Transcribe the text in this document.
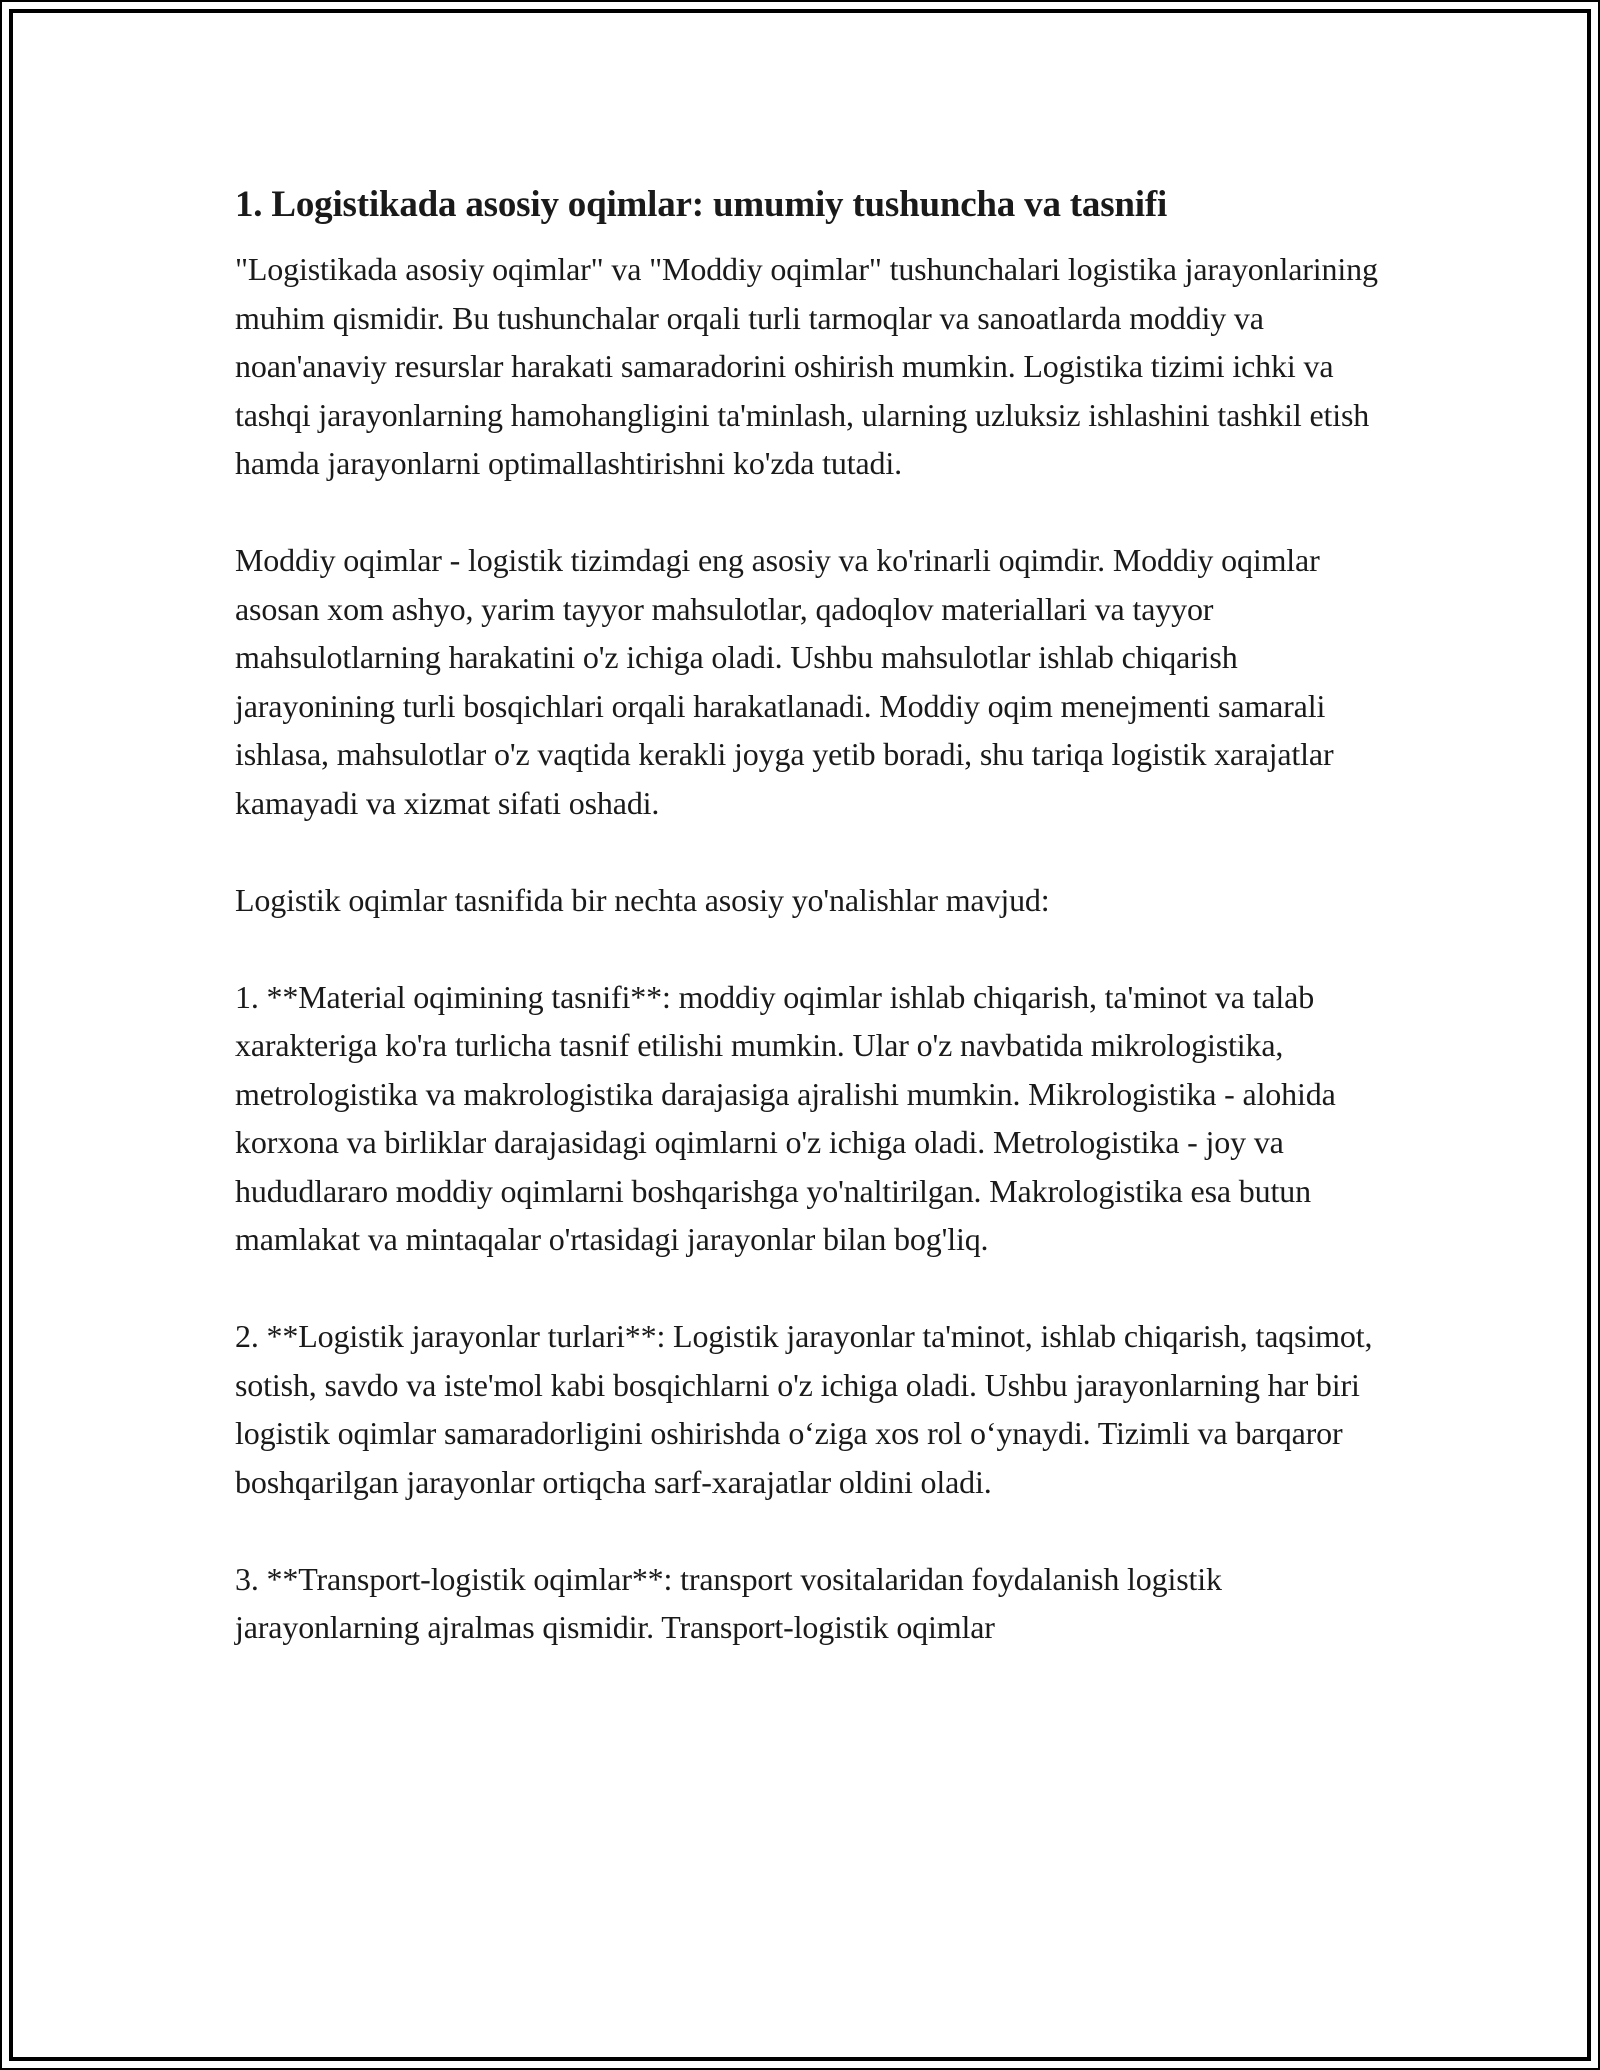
1. Logistikada asosiy oqimlar: umumiy tushuncha va tasnifi

"Logistikada asosiy oqimlar" va "Moddiy oqimlar" tushunchalari logistika jarayonlarining muhim qismidir. Bu tushunchalar orqali turli tarmoqlar va sanoatlarda moddiy va noan'anaviy resurslar harakati samaradorini oshirish mumkin. Logistika tizimi ichki va tashqi jarayonlarning hamohangligini ta'minlash, ularning uzluksiz ishlashini tashkil etish hamda jarayonlarni optimallashtirishni ko'zda tutadi.

Moddiy oqimlar - logistik tizimdagi eng asosiy va ko'rinarli oqimdir. Moddiy oqimlar asosan xom ashyo, yarim tayyor mahsulotlar, qadoqlov materiallari va tayyor mahsulotlarning harakatini o'z ichiga oladi. Ushbu mahsulotlar ishlab chiqarish jarayonining turli bosqichlari orqali harakatlanadi. Moddiy oqim menejmenti samarali ishlasa, mahsulotlar o'z vaqtida kerakli joyga yetib boradi, shu tariqa logistik xarajatlar kamayadi va xizmat sifati oshadi.

Logistik oqimlar tasnifida bir nechta asosiy yo'nalishlar mavjud:

1. **Material oqimining tasnifi**: moddiy oqimlar ishlab chiqarish, ta'minot va talab xarakteriga ko'ra turlicha tasnif etilishi mumkin. Ular o'z navbatida mikrologistika, metrologistika va makrologistika darajasiga ajralishi mumkin. Mikrologistika - alohida korxona va birliklar darajasidagi oqimlarni o'z ichiga oladi. Metrologistika - joy va hududlararo moddiy oqimlarni boshqarishga yo'naltirilgan. Makrologistika esa butun mamlakat va mintaqalar o'rtasidagi jarayonlar bilan bog'liq.

2. **Logistik jarayonlar turlari**: Logistik jarayonlar ta'minot, ishlab chiqarish, taqsimot, sotish, savdo va iste'mol kabi bosqichlarni o'z ichiga oladi. Ushbu jarayonlarning har biri logistik oqimlar samaradorligini oshirishda o‘ziga xos rol o‘ynaydi. Tizimli va barqaror boshqarilgan jarayonlar ortiqcha sarf-xarajatlar oldini oladi.

3. **Transport-logistik oqimlar**: transport vositalaridan foydalanish logistik jarayonlarning ajralmas qismidir. Transport-logistik oqimlar
